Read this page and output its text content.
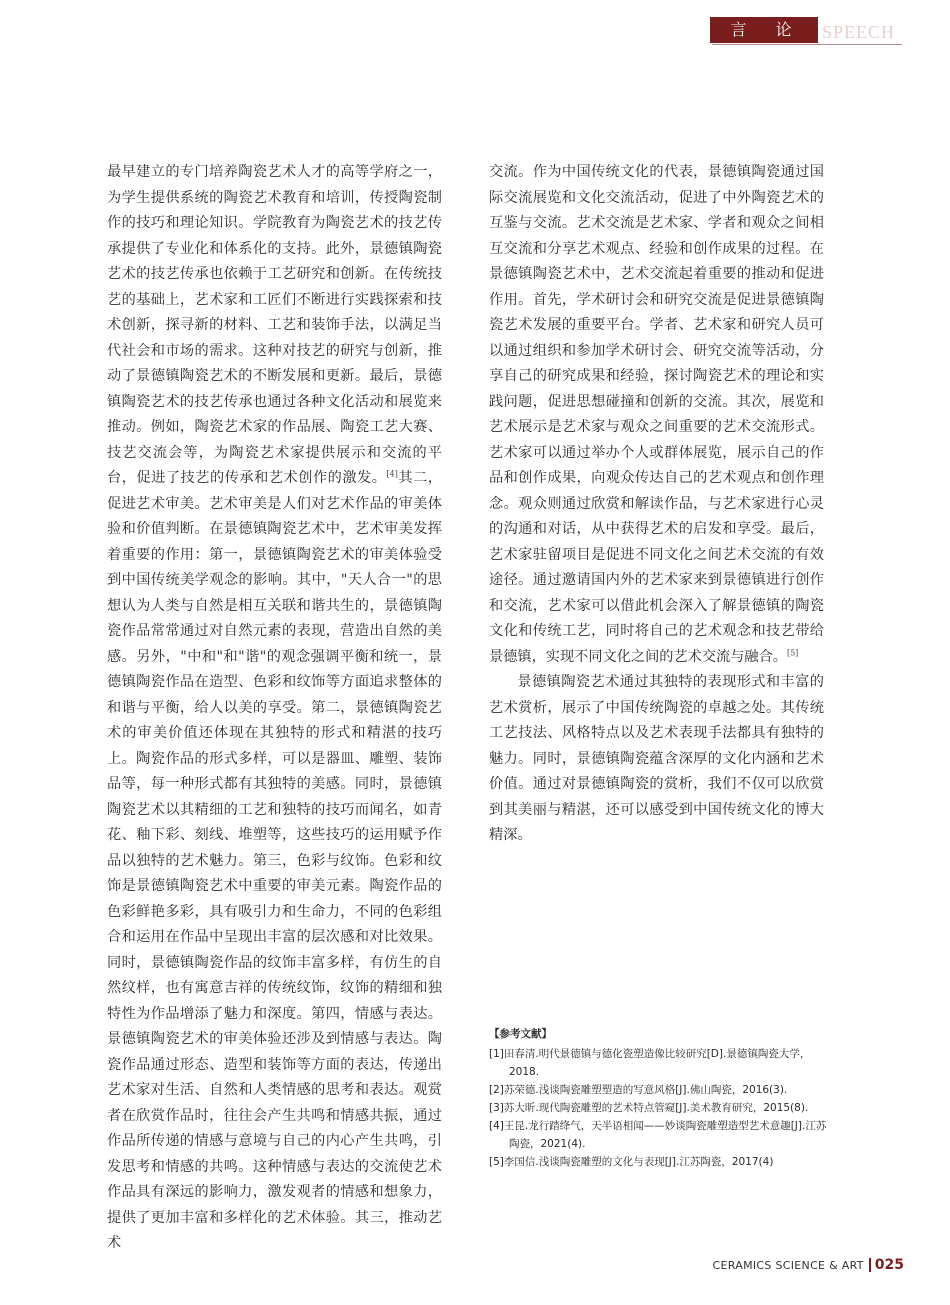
言 论	SPEECH

最早建立的专门培养陶瓷艺术人才的高等学府之一，为学生提供系统的陶瓷艺术教育和培训，传授陶瓷制作的技巧和理论知识。学院教育为陶瓷艺术的技艺传承提供了专业化和体系化的支持。此外，景德镇陶瓷艺术的技艺传承也依赖于工艺研究和创新。在传统技艺的基础上，艺术家和工匠们不断进行实践探索和技术创新，探寻新的材料、工艺和装饰手法，以满足当代社会和市场的需求。这种对技艺的研究与创新，推动了景德镇陶瓷艺术的不断发展和更新。最后，景德镇陶瓷艺术的技艺传承也通过各种文化活动和展览来推动。例如，陶瓷艺术家的作品展、陶瓷工艺大赛、技艺交流会等，为陶瓷艺术家提供展示和交流的平台，促进了技艺的传承和艺术创作的激发。[4]其二，促进艺术审美。艺术审美是人们对艺术作品的审美体验和价值判断。在景德镇陶瓷艺术中，艺术审美发挥着重要的作用：第一，景德镇陶瓷艺术的审美体验受到中国传统美学观念的影响。其中，"天人合一"的思想认为人类与自然是相互关联和谐共生的，景德镇陶瓷作品常常通过对自然元素的表现，营造出自然的美感。另外，"中和"和"谐"的观念强调平衡和统一，景德镇陶瓷作品在造型、色彩和纹饰等方面追求整体的和谐与平衡，给人以美的享受。第二，景德镇陶瓷艺术的审美价值还体现在其独特的形式和精湛的技巧上。陶瓷作品的形式多样，可以是器皿、雕塑、装饰品等，每一种形式都有其独特的美感。同时，景德镇陶瓷艺术以其精细的工艺和独特的技巧而闻名，如青花、釉下彩、刻线、堆塑等，这些技巧的运用赋予作品以独特的艺术魅力。第三，色彩与纹饰。色彩和纹饰是景德镇陶瓷艺术中重要的审美元素。陶瓷作品的色彩鲜艳多彩，具有吸引力和生命力，不同的色彩组合和运用在作品中呈现出丰富的层次感和对比效果。同时，景德镇陶瓷作品的纹饰丰富多样，有仿生的自然纹样，也有寓意吉祥的传统纹饰，纹饰的精细和独特性为作品增添了魅力和深度。第四，情感与表达。景德镇陶瓷艺术的审美体验还涉及到情感与表达。陶瓷作品通过形态、造型和装饰等方面的表达，传递出艺术家对生活、自然和人类情感的思考和表达。观赏者在欣赏作品时，往往会产生共鸣和情感共振，通过作品所传递的情感与意境与自己的内心产生共鸣，引发思考和情感的共鸣。这种情感与表达的交流使艺术作品具有深远的影响力，激发观者的情感和想象力，提供了更加丰富和多样化的艺术体验。其三，推动艺术

交流。作为中国传统文化的代表，景德镇陶瓷通过国际交流展览和文化交流活动，促进了中外陶瓷艺术的互鉴与交流。艺术交流是艺术家、学者和观众之间相互交流和分享艺术观点、经验和创作成果的过程。在景德镇陶瓷艺术中，艺术交流起着重要的推动和促进作用。首先，学术研讨会和研究交流是促进景德镇陶瓷艺术发展的重要平台。学者、艺术家和研究人员可以通过组织和参加学术研讨会、研究交流等活动，分享自己的研究成果和经验，探讨陶瓷艺术的理论和实践问题，促进思想碰撞和创新的交流。其次，展览和艺术展示是艺术家与观众之间重要的艺术交流形式。艺术家可以通过举办个人或群体展览，展示自己的作品和创作成果，向观众传达自己的艺术观点和创作理念。观众则通过欣赏和解读作品，与艺术家进行心灵的沟通和对话，从中获得艺术的启发和享受。最后，艺术家驻留项目是促进不同文化之间艺术交流的有效途径。通过邀请国内外的艺术家来到景德镇进行创作和交流，艺术家可以借此机会深入了解景德镇的陶瓷文化和传统工艺，同时将自己的艺术观念和技艺带给景德镇，实现不同文化之间的艺术交流与融合。[5]

景德镇陶瓷艺术通过其独特的表现形式和丰富的艺术赏析，展示了中国传统陶瓷的卓越之处。其传统工艺技法、风格特点以及艺术表现手法都具有独特的魅力。同时，景德镇陶瓷蕴含深厚的文化内涵和艺术价值。通过对景德镇陶瓷的赏析，我们不仅可以欣赏到其美丽与精湛，还可以感受到中国传统文化的博大精深。

【参考文献】

[1]田春清.明代景德镇与德化瓷塑造像比较研究[D].景德镇陶瓷大学，2018.

[2]苏荣德.浅谈陶瓷雕塑塑造的写意风格[J].佛山陶瓷，2016(3).

[3]苏大昕.现代陶瓷雕塑的艺术特点管窥[J].美术教育研究，2015(8).

[4]王昆.龙行踏绛气，天半语相闻——妙谈陶瓷雕塑造型艺术意趣[J].江苏陶瓷，2021(4).

[5]李国信.浅谈陶瓷雕塑的文化与表现[J].江苏陶瓷，2017(4)

CERAMICS SCIENCE & ART 025
